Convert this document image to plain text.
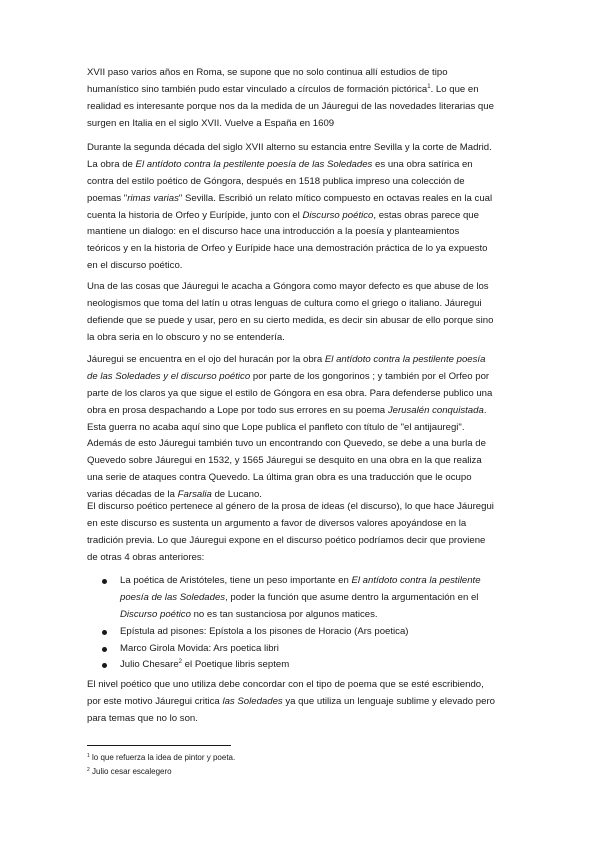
XVII paso varios años en Roma, se supone que no solo continua allí estudios de tipo
humanístico sino también pudo estar vinculado a círculos de formación pictórica$^1$. Lo que en
realidad es interesante porque nos da la medida de un Jáuregui de las novedades literarias que
surgen en Italia en el siglo XVII. Vuelve a España en 1609
Durante la segunda década del siglo XVII alterno su estancia entre Sevilla y la corte de Madrid.
La obra de El antídoto contra la pestilente poesía de las Soledades es una obra satírica en
contra del estilo poético de Góngora, después en 1518 publica impreso una colección de
poemas "rimas varias" Sevilla. Escribió un relato mítico compuesto en octavas reales en la cual
cuenta la historia de Orfeo y Eurípide, junto con el Discurso poético, estas obras parece que
mantiene un dialogo: en el discurso hace una introducción a la poesía y planteamientos
teóricos y en la historia de Orfeo y Eurípide hace una demostración práctica de lo ya expuesto
en el discurso poético.
Una de las cosas que Jáuregui le acacha a Góngora como mayor defecto es que abuse de los
neologismos que toma del latín u otras lenguas de cultura como el griego o italiano. Jáuregui
defiende que se puede y usar, pero en su cierto medida, es decir sin abusar de ello porque sino
la obra seria en lo obscuro y no se entendería.
Jáuregui se encuentra en el ojo del huracán por la obra El antídoto contra la pestilente poesía
de las Soledades y el discurso poético por parte de los gongorinos ; y también por el Orfeo por
parte de los claros ya que sigue el estilo de Góngora en esa obra. Para defenderse publico una
obra en prosa despachando a Lope por todo sus errores en su poema Jerusalén conquistada.
Esta guerra no acaba aquí sino que Lope publica el panfleto con título de "el antijauregi".
Además de esto Jáuregui también tuvo un encontrando con Quevedo, se debe a una burla de
Quevedo sobre Jáuregui en 1532, y 1565 Jáuregui se desquito en una obra en la que realiza
una serie de ataques contra Quevedo. La última gran obra es una traducción que le ocupo
varias décadas de la Farsalia de Lucano.
El discurso poético pertenece al género de la prosa de ideas (el discurso), lo que hace Jáuregui
en este discurso es sustenta un argumento a favor de diversos valores apoyándose en la
tradición previa. Lo que Jáuregui expone en el discurso poético podríamos decir que proviene
de otras 4 obras anteriores:
La poética de Aristóteles, tiene un peso importante en El antídoto contra la pestilente
poesía de las Soledades, poder la función que asume dentro la argumentación en el
Discurso poético no es tan sustanciosa por algunos matices.
Epístula ad pisones: Epístola a los pisones de Horacio (Ars poetica)
Marco Girola Movida: Ars poetica libri
Julio Chesare$^2$ el Poetique libris septem
El nivel poético que uno utiliza debe concordar con el tipo de poema que se esté escribiendo,
por este motivo Jáuregui critica las Soledades ya que utiliza un lenguaje sublime y elevado pero
para temas que no lo son.
$^1$ lo que refuerza la idea de pintor y poeta.
$^2$ Julio cesar escalegero
